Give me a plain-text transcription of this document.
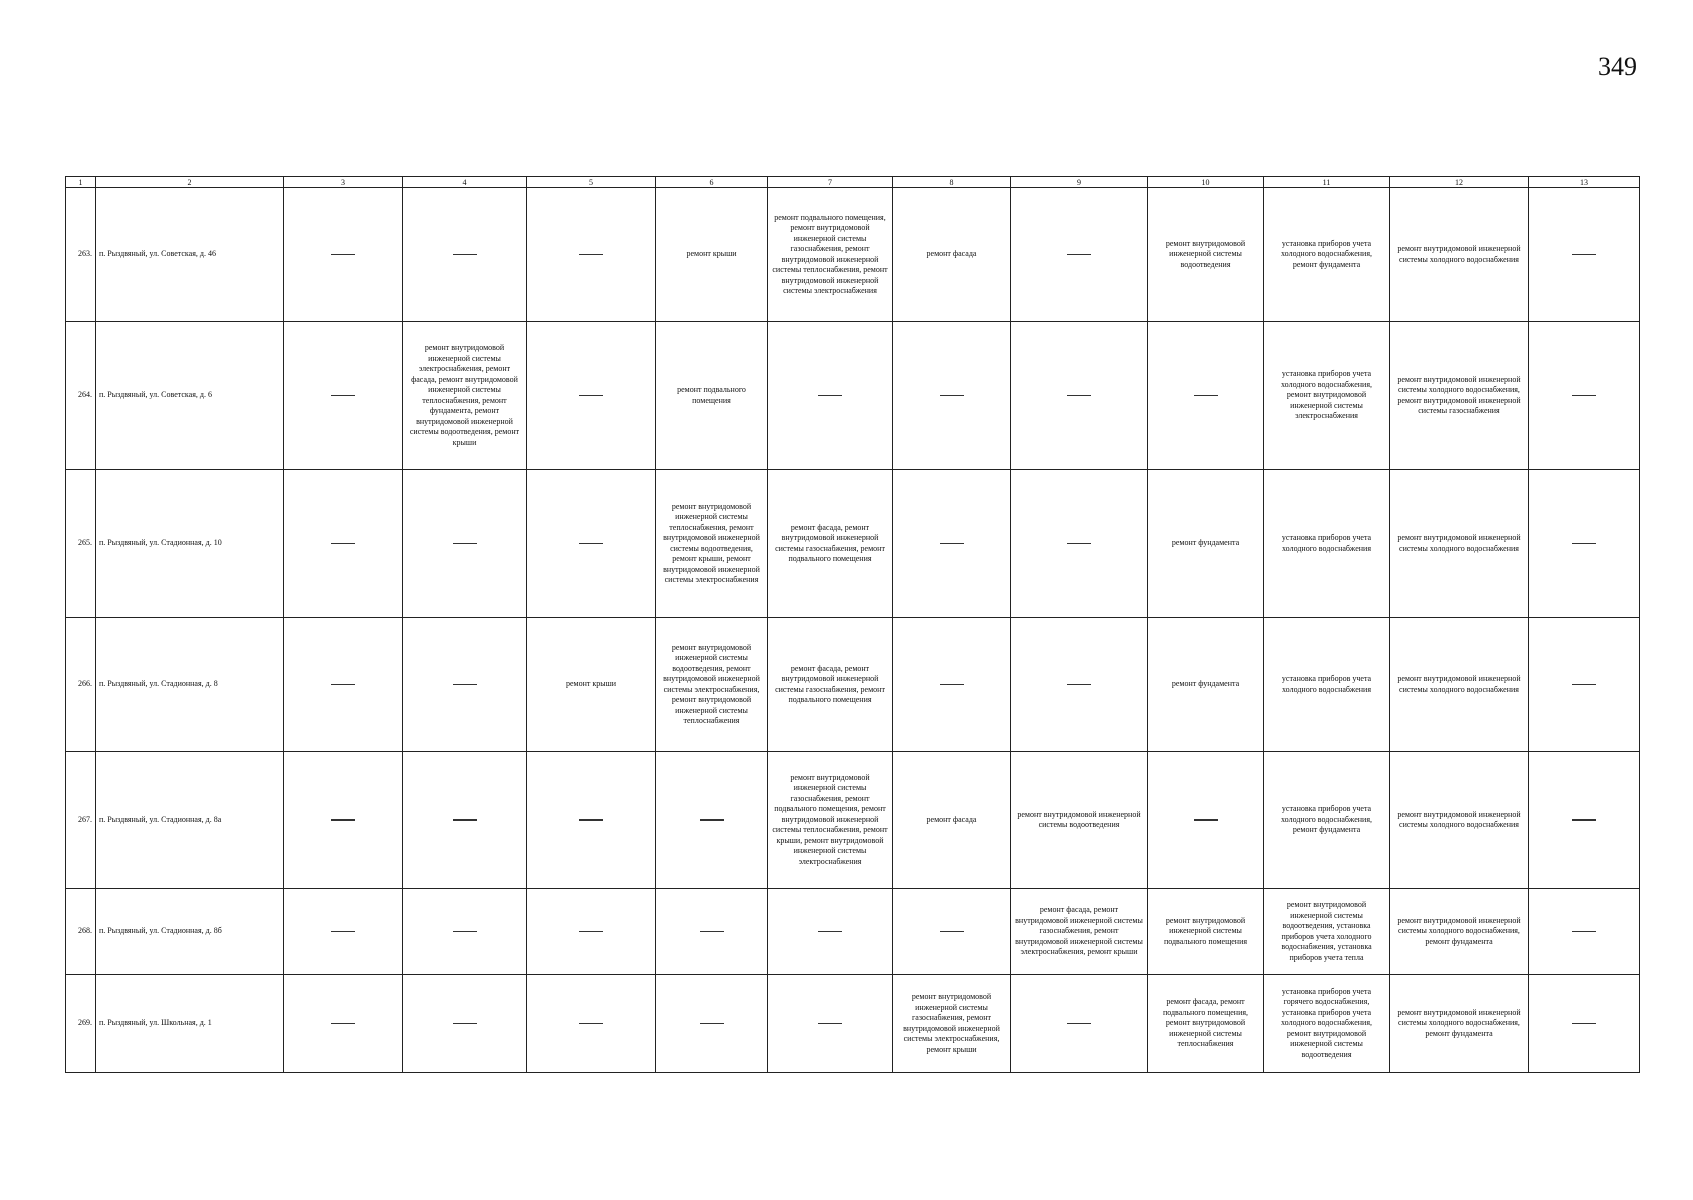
349
1	2	3	4	5	6	7	8	9	10	11	12	13
263.	п. Рыздвяный, ул. Советская, д. 46				ремонт крыши	ремонт подвального помещения, ремонт внутридомовой инженерной системы газоснабжения, ремонт внутридомовой инженерной системы теплоснабжения, ремонт внутридомовой инженерной системы электроснабжения	ремонт фасада		ремонт внутридомовой инженерной системы водоотведения	установка приборов учета холодного водоснабжения, ремонт фундамента	ремонт внутридомовой инженерной системы холодного водоснабжения	
264.	п. Рыздвяный, ул. Советская, д. 6		ремонт внутридомовой инженерной системы электроснабжения, ремонт фасада, ремонт внутридомовой инженерной системы теплоснабжения, ремонт фундамента, ремонт внутридомовой инженерной системы водоотведения, ремонт крыши		ремонт подвального помещения					установка приборов учета холодного водоснабжения, ремонт внутридомовой инженерной системы электроснабжения	ремонт внутридомовой инженерной системы холодного водоснабжения, ремонт внутридомовой инженерной системы газоснабжения	
265.	п. Рыздвяный, ул. Стадионная, д. 10				ремонт внутридомовой инженерной системы теплоснабжения, ремонт внутридомовой инженерной системы водоотведения, ремонт крыши, ремонт внутридомовой инженерной системы электроснабжения	ремонт фасада, ремонт внутридомовой инженерной системы газоснабжения, ремонт подвального помещения			ремонт фундамента	установка приборов учета холодного водоснабжения	ремонт внутридомовой инженерной системы холодного водоснабжения	
266.	п. Рыздвяный, ул. Стадионная, д. 8			ремонт крыши	ремонт внутридомовой инженерной системы водоотведения, ремонт внутридомовой инженерной системы электроснабжения, ремонт внутридомовой инженерной системы теплоснабжения	ремонт фасада, ремонт внутридомовой инженерной системы газоснабжения, ремонт подвального помещения			ремонт фундамента	установка приборов учета холодного водоснабжения	ремонт внутридомовой инженерной системы холодного водоснабжения	
267.	п. Рыздвяный, ул. Стадионная, д. 8а					ремонт внутридомовой инженерной системы газоснабжения, ремонт подвального помещения, ремонт внутридомовой инженерной системы теплоснабжения, ремонт крыши, ремонт внутридомовой инженерной системы электроснабжения	ремонт фасада	ремонт внутридомовой инженерной системы водоотведения		установка приборов учета холодного водоснабжения, ремонт фундамента	ремонт внутридомовой инженерной системы холодного водоснабжения	
268.	п. Рыздвяный, ул. Стадионная, д. 8б							ремонт фасада, ремонт внутридомовой инженерной системы газоснабжения, ремонт внутридомовой инженерной системы электроснабжения, ремонт крыши	ремонт внутридомовой инженерной системы подвального помещения	ремонт внутридомовой инженерной системы водоотведения, установка приборов учета холодного водоснабжения, установка приборов учета тепла	ремонт внутридомовой инженерной системы холодного водоснабжения, ремонт фундамента	
269.	п. Рыздвяный, ул. Школьная, д. 1						ремонт внутридомовой инженерной системы газоснабжения, ремонт внутридомовой инженерной системы электроснабжения, ремонт крыши		ремонт фасада, ремонт подвального помещения, ремонт внутридомовой инженерной системы теплоснабжения	установка приборов учета горячего водоснабжения, установка приборов учета холодного водоснабжения, ремонт внутридомовой инженерной системы водоотведения	ремонт внутридомовой инженерной системы холодного водоснабжения, ремонт фундамента	
